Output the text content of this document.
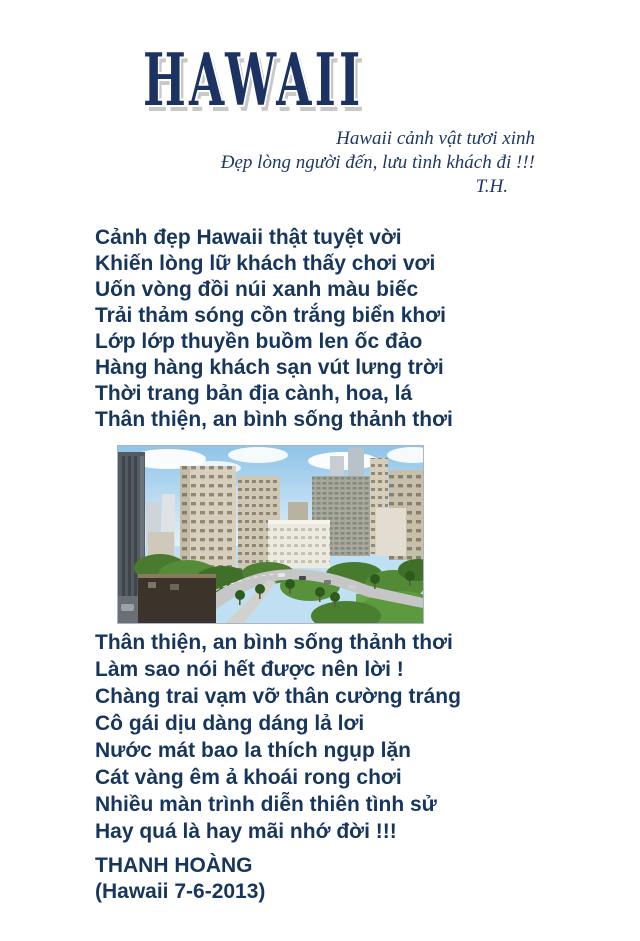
HAWAII
Hawaii cảnh vật tươi xinh
Đẹp lòng người đến, lưu tình khách đi !!!
T.H.
Cảnh đẹp Hawaii thật tuyệt vời
Khiến lòng lữ khách thấy chơi vơi
Uốn vòng đồi núi xanh màu biếc
Trải thảm sóng cồn trắng biển khơi
Lớp lớp thuyền buồm len ốc đảo
Hàng hàng khách sạn vút lưng trời
Thời trang bản địa cành, hoa, lá
Thân thiện, an bình sống thảnh thơi
Thân thiện, an bình sống thảnh thơi
Làm sao nói hết được nên lời !
Chàng trai vạm vỡ thân cường tráng
Cô gái dịu dàng dáng lả lơi
Nước mát bao la thích ngụp lặn
Cát vàng êm ả khoái rong chơi
Nhiều màn trình diễn thiên tình sử
Hay quá là hay mãi nhớ đời !!!
THANH HOÀNG
(Hawaii 7-6-2013)
